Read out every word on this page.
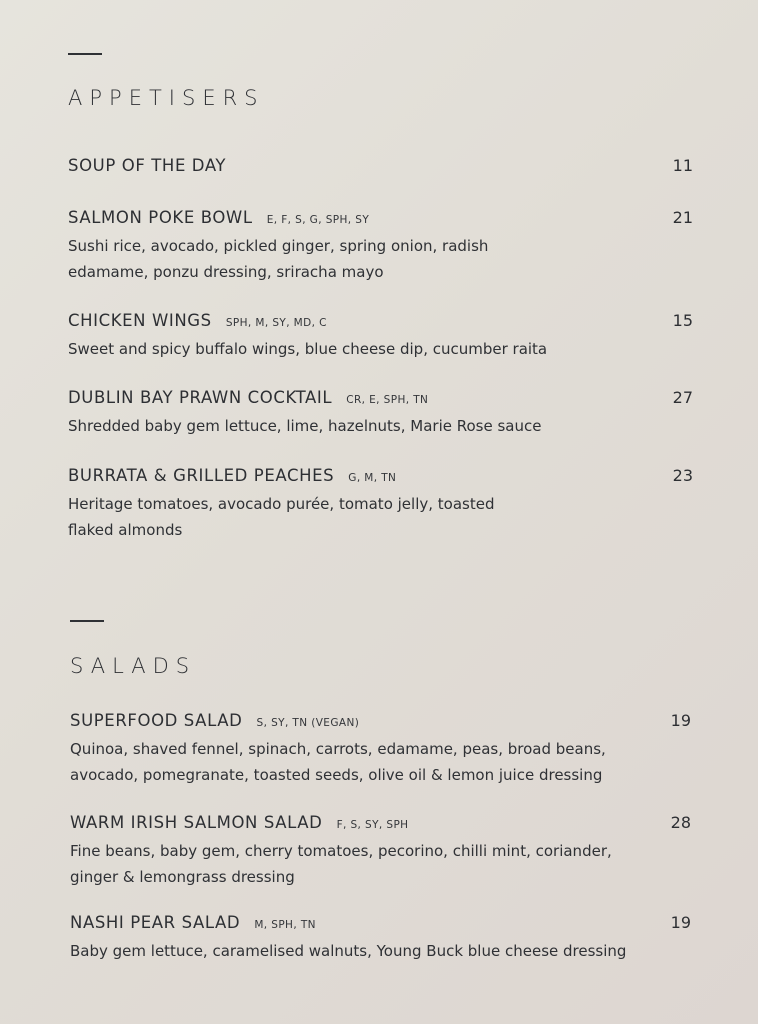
APPETISERS
SOUP OF THE DAY	11
SALMON POKE BOWL E, F, S, G, SPH, SY	21
Sushi rice, avocado, pickled ginger, spring onion, radish
edamame, ponzu dressing, sriracha mayo
CHICKEN WINGS SPH, M, SY, MD, C	15
Sweet and spicy buffalo wings, blue cheese dip, cucumber raita
DUBLIN BAY PRAWN COCKTAIL CR, E, SPH, TN	27
Shredded baby gem lettuce, lime, hazelnuts, Marie Rose sauce
BURRATA & GRILLED PEACHES G, M, TN	23
Heritage tomatoes, avocado purée, tomato jelly, toasted
flaked almonds
SALADS
SUPERFOOD SALAD S, SY, TN (VEGAN)	19
Quinoa, shaved fennel, spinach, carrots, edamame, peas, broad beans,
avocado, pomegranate, toasted seeds, olive oil & lemon juice dressing
WARM IRISH SALMON SALAD F, S, SY, SPH	28
Fine beans, baby gem, cherry tomatoes, pecorino, chilli mint, coriander,
ginger & lemongrass dressing
NASHI PEAR SALAD M, SPH, TN	19
Baby gem lettuce, caramelised walnuts, Young Buck blue cheese dressing
